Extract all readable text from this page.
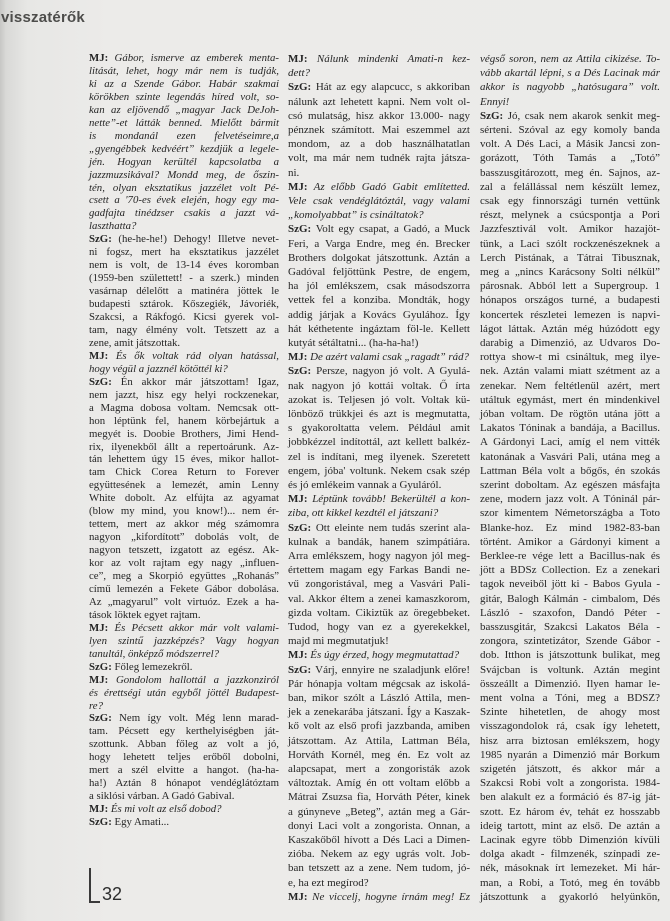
visszatérők
MJ: Gábor, ismerve az emberek menta-
litását, lehet, hogy már nem is tudják,
ki az a Szende Gábor. Habár szakmai
körökben szinte legendás híred volt, so-
kan az eljövendő „magyar Jack DeJoh-
nette”-et látták benned. Mielőtt bármit
is mondanál ezen felvetéseimre,a
„gyengébbek kedvéért” kezdjük a legele-
jén. Hogyan kerültél kapcsolatba a
jazzmuzsikával? Mondd meg, de őszin-
tén, olyan eksztatikus jazzélet volt Pé-
csett a '70-es évek elején, hogy egy ma-
gadfajta tinédzser csakis a jazzt vá-
laszthatta?
SzG: (he-he-he!) Dehogy! Illetve nevet-
ni fogsz, mert ha eksztatikus jazzélet
nem is volt, de 13-14 éves koromban
(1959-ben születtett! - a szerk.) minden
vasárnap délelőtt a matinéra jöttek le
budapesti sztárok. Kőszegiék, Jávoriék,
Szakcsi, a Rákfogó. Kicsi gyerek vol-
tam, nagy élmény volt. Tetszett az a
zene, amit játszottak.
MJ: És ők voltak rád olyan hatással,
hogy végül a jazznél kötöttél ki?
SzG: Én akkor már játszottam! Igaz,
nem jazzt, hisz egy helyi rockzenekar,
a Magma dobosa voltam. Nemcsak ott-
hon léptünk fel, hanem körbejártuk a
megyét is. Doobie Brothers, Jimi Hend-
rix, ilyenekből állt a repertoárunk. Az-
tán lehettem úgy 15 éves, mikor hallot-
tam Chick Corea Return to Forever
együttesének a lemezét, amin Lenny
White dobolt. Az elfújta az agyamat
(blow my mind, you know!)... nem ér-
tettem, mert az akkor még számomra
nagyon „kifordított” dobolás volt, de
nagyon tetszett, izgatott az egész. Ak-
kor az volt rajtam egy nagy „influen-
ce”, meg a Skorpió együttes „Rohanás”
című lemezén a Fekete Gábor dobolása.
Az „magyarul” volt virtuóz. Ezek a ha-
tások löktek egyet rajtam.
MJ: És Pécsett akkor már volt valami-
lyen szintű jazzképzés? Vagy hogyan
tanultál, önképző módszerrel?
SzG: Főleg lemezekről.
MJ: Gondolom hallottál a jazzkonziról
és érettségi után egyből jöttél Budapest-
re?
SzG: Nem így volt. Még lenn marad-
tam. Pécsett egy kerthelyiségben ját-
szottunk. Abban főleg az volt a jó,
hogy lehetett teljes erőből dobolni,
mert a szél elvitte a hangot. (ha-ha-
ha!) Aztán 8 hónapot vendéglátóztam
a siklósi várban. A Gadó Gabival.
MJ: És mi volt az első dobod?
SzG: Egy Amati...
MJ: Nálunk mindenki Amati-n kez-
dett?
SzG: Hát az egy alapcucc, s akkoriban
nálunk azt lehetett kapni. Nem volt ol-
csó mulatság, hisz akkor 13.000- nagy
pénznek számított. Mai eszemmel azt
mondom, az a dob használhatatlan
volt, ma már nem tudnék rajta játsza-
ni.
MJ: Az előbb Gadó Gabit említetted.
Vele csak vendéglátóztál, vagy valami
„komolyabbat” is csináltatok?
SzG: Volt egy csapat, a Gadó, a Muck
Feri, a Varga Endre, meg én. Brecker
Brothers dolgokat játszottunk. Aztán a
Gadóval feljöttünk Pestre, de engem,
ha jól emlékszem, csak másodszorra
vettek fel a konziba. Mondták, hogy
addig járjak a Kovács Gyulához. Így
hát kéthetente ingáztam föl-le. Kellett
kutyát sétáltatni... (ha-ha-ha!)
MJ: De azért valami csak „ragadt” rád?
SzG: Persze, nagyon jó volt. A Gyulá-
nak nagyon jó kottái voltak. Ő írta
azokat is. Teljesen jó volt. Voltak kü-
lönböző trükkjei és azt is megmutatta,
s gyakoroltatta velem. Például amit
jobbkézzel indítottál, azt kellett balkéz-
zel is indítani, meg ilyenek. Szeretett
engem, jóba' voltunk. Nekem csak szép
és jó emlékeim vannak a Gyuláról.
MJ: Léptünk tovább! Bekerültél a kon-
ziba, ott kikkel kezdtél el játszani?
SzG: Ott eleinte nem tudás szerint ala-
kulnak a bandák, hanem szimpátiára.
Arra emlékszem, hogy nagyon jól meg-
értettem magam egy Farkas Bandi ne-
vű zongoristával, meg a Vasvári Pali-
val. Akkor éltem a zenei kamaszkorom,
gizda voltam. Cikiztük az öregebbeket.
Tudod, hogy van ez a gyerekekkel,
majd mi megmutatjuk!
MJ: És úgy érzed, hogy megmutattad?
SzG: Várj, ennyire ne szaladjunk előre!
Pár hónapja voltam mégcsak az iskolá-
ban, mikor szólt a László Attila, men-
jek a zenekarába játszani. Így a Kaszak-
kő volt az első profi jazzbanda, amiben
játszottam. Az Attila, Lattman Béla,
Horváth Kornél, meg én. Ez volt az
alapcsapat, mert a zongoristák azok
változtak. Amíg én ott voltam előbb a
Mátrai Zsuzsa fia, Horváth Péter, kinek
a gúnyneve „Beteg”, aztán meg a Gár-
donyi Laci volt a zongorista. Onnan, a
Kaszakőből hívott a Dés Laci a Dimen-
zióba. Nekem az egy ugrás volt. Job-
ban tetszett az a zene. Nem tudom, jó-
e, ha ezt megírod?
MJ: Ne viccelj, hogyne írnám meg! Ez
végső soron, nem az Attila cikizése. To-
vább akartál lépni, s a Dés Lacinak már
akkor is nagyobb „hatósugara” volt.
Ennyi!
SzG: Jó, csak nem akarok senkit meg-
sérteni. Szóval az egy komoly banda
volt. A Dés Laci, a Másik Jancsi zon-
gorázott, Tóth Tamás a „Totó”
basszusgitározott, meg én. Sajnos, az-
zal a felállással nem készült lemez,
csak egy finnországi turnén vettünk
részt, melynek a csúcspontja a Pori
Jazzfesztivál volt. Amikor hazajöt-
tünk, a Laci szólt rockzenészeknek a
Lerch Pistának, a Tátrai Tibusznak,
meg a „nincs Karácsony Solti nélkül”
párosnak. Abból lett a Supergroup. 1
hónapos országos turné, a budapesti
koncertek részletei lemezen is napvi-
lágot láttak. Aztán még húzódott egy
darabig a Dimenzió, az Udvaros Do-
rottya show-t mi csináltuk, meg ilye-
nek. Aztán valami miatt szétment az a
zenekar. Nem feltétlenül azért, mert
utáltuk egymást, mert én mindenkivel
jóban voltam. De rögtön utána jött a
Lakatos Tóninak a bandája, a Bacillus.
A Gárdonyi Laci, amíg el nem vitték
katonának a Vasvári Pali, utána meg a
Lattman Béla volt a bőgős, én szokás
szerint doboltam. Az egészen másfajta
zene, modern jazz volt. A Tóninál pár-
szor kimentem Németországba a Toto
Blanke-hoz. Ez mind 1982-83-ban
történt. Amikor a Gárdonyi kiment a
Berklee-re vége lett a Bacillus-nak és
jött a BDSz Collection. Ez a zenekari
tagok neveiből jött ki - Babos Gyula -
gitár, Balogh Kálmán - cimbalom, Dés
László - szaxofon, Dandó Péter -
basszusgitár, Szakcsi Lakatos Béla -
zongora, szintetizátor, Szende Gábor -
dob. Itthon is játszottunk bulikat, meg
Svájcban is voltunk. Aztán megint
összeállt a Dimenzió. Ilyen hamar le-
ment volna a Tóni, meg a BDSZ?
Szinte hihetetlen, de ahogy most
visszagondolok rá, csak így lehetett,
hisz arra biztosan emlékszem, hogy
1985 nyarán a Dimenzió már Borkum
szigetén játszott, és akkor már a
Szakcsi Robi volt a zongorista. 1984-
ben alakult ez a formáció és 87-ig ját-
szott. Ez három év, tehát ez hosszabb
ideig tartott, mint az első. De aztán a
Lacinak egyre több Dimenzión kívüli
dolga akadt - filmzenék, színpadi ze-
nék, másoknak írt lemezeket. Mi hár-
man, a Robi, a Totó, meg én tovább
játszottunk a gyakorló helyünkön,
32
